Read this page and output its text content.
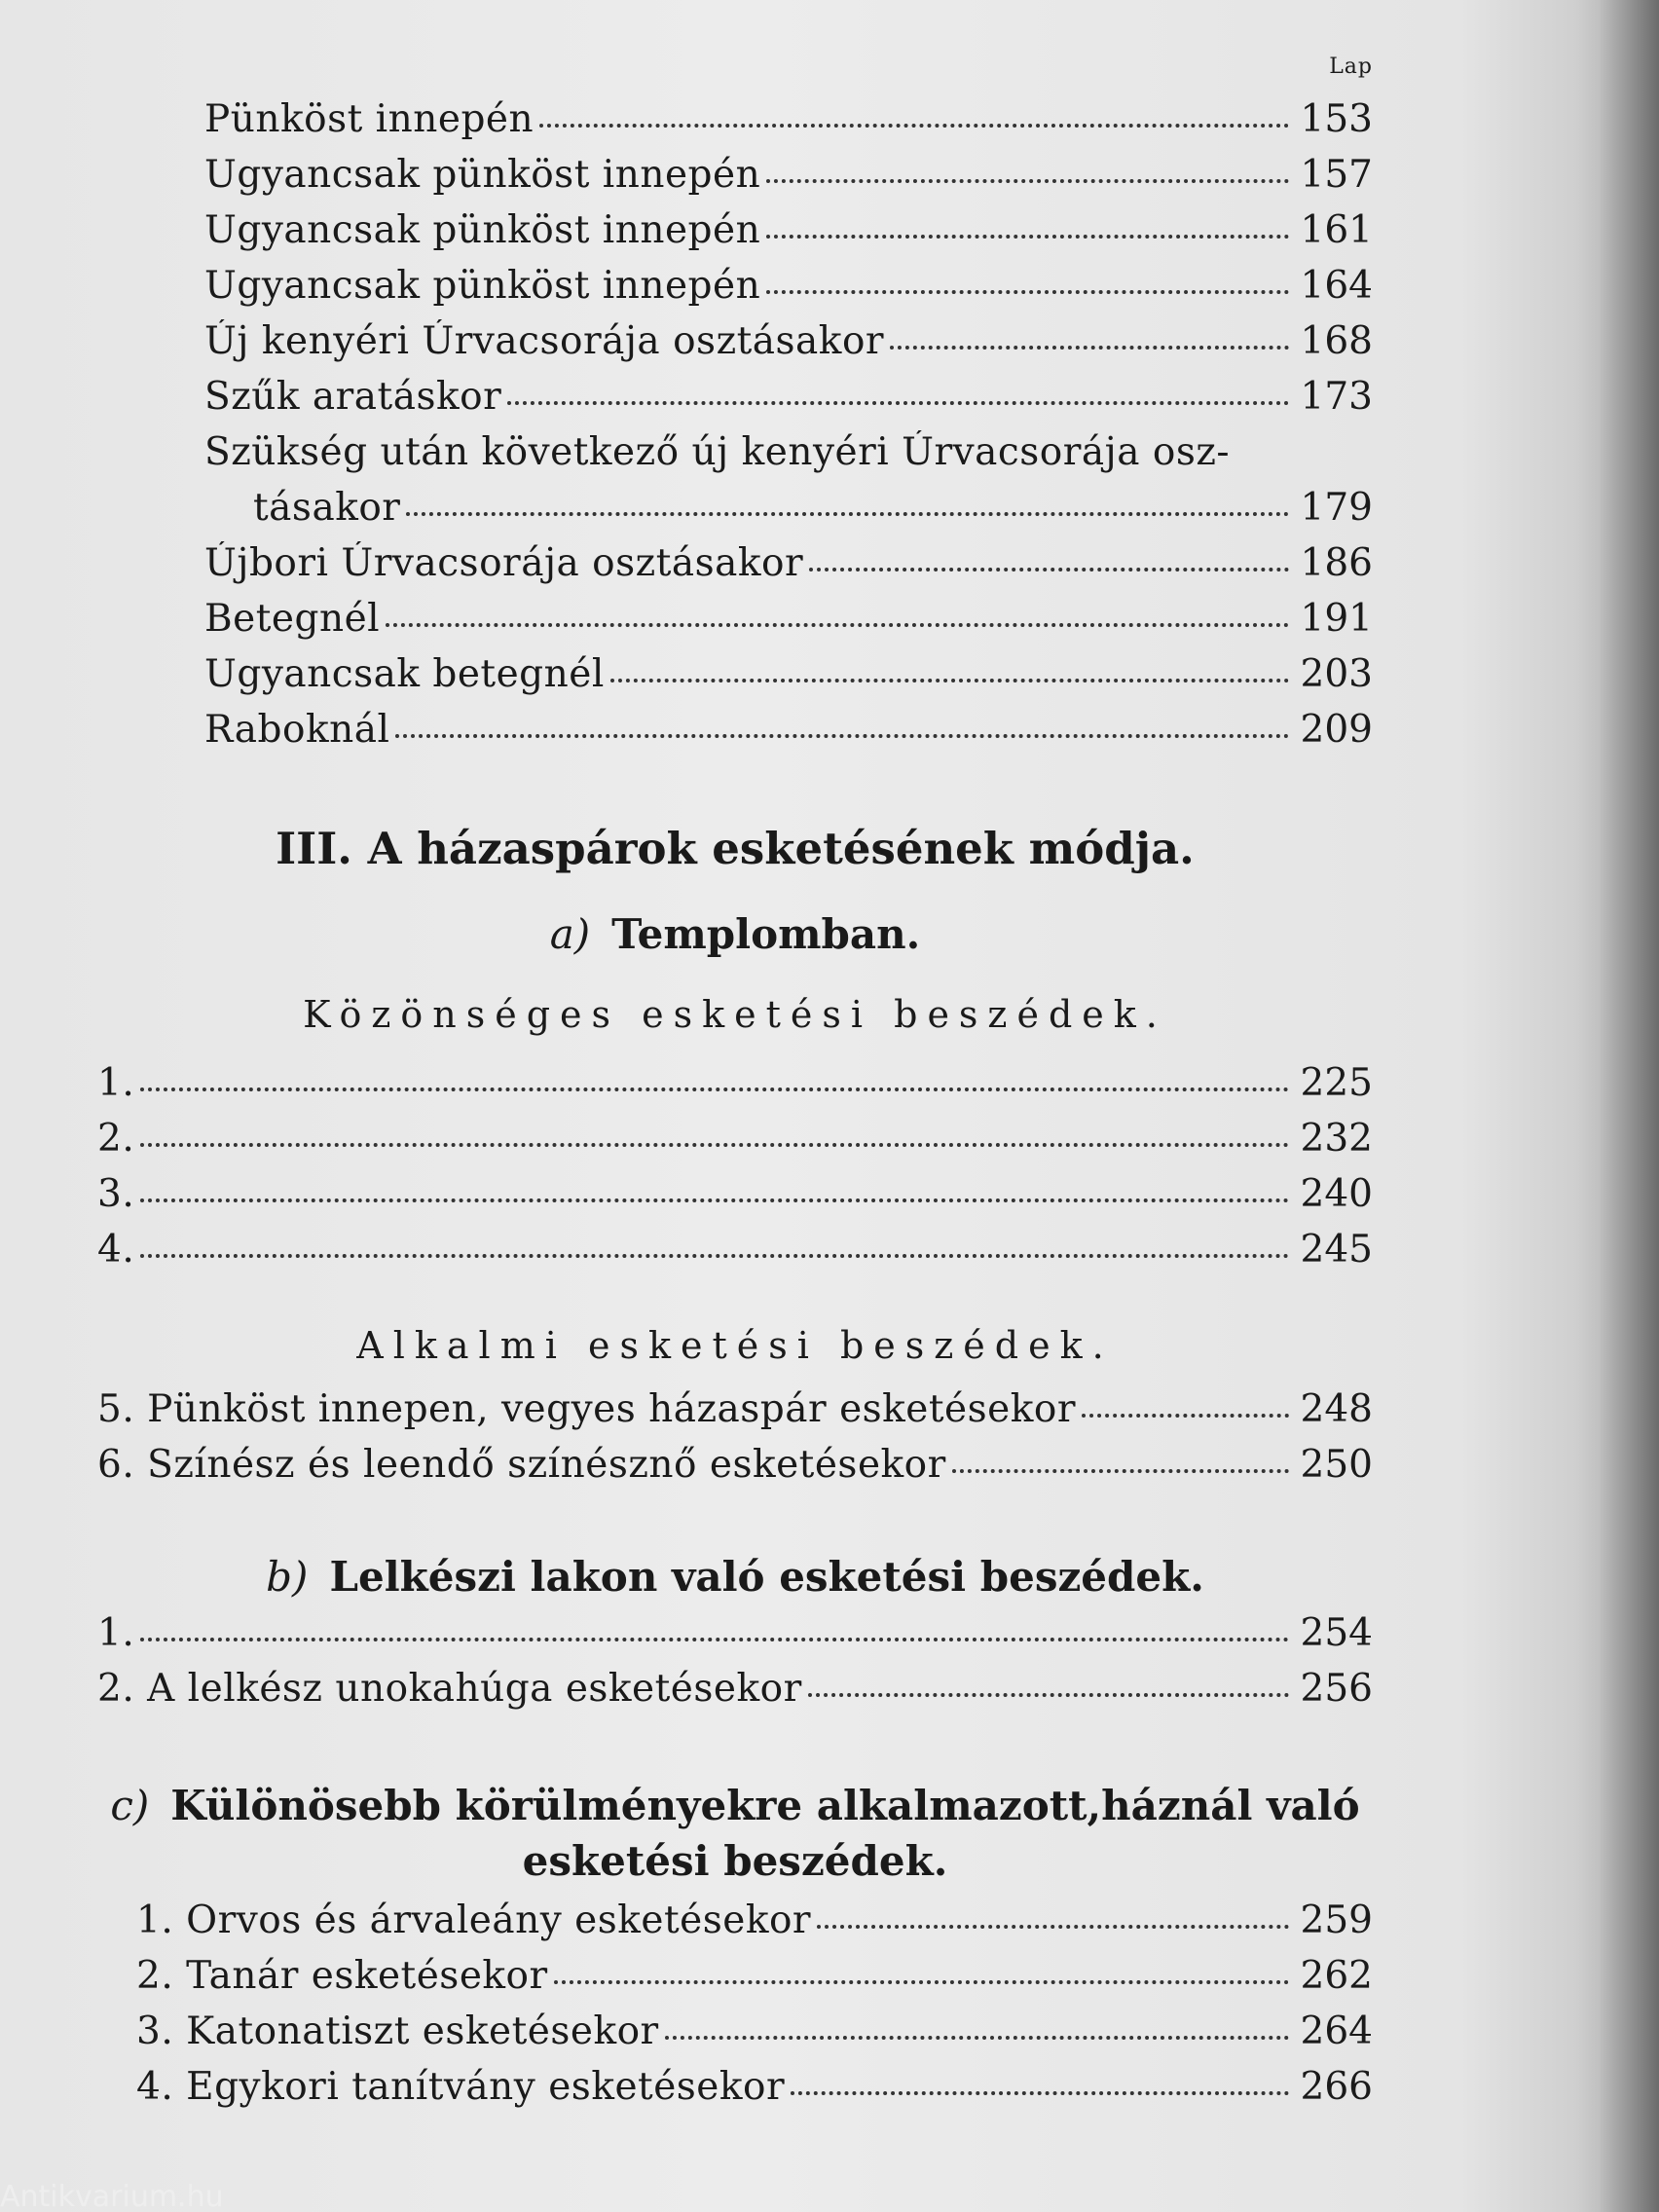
Lap
Pünköst innepén	153
Ugyancsak pünköst innepén	157
Ugyancsak pünköst innepén	161
Ugyancsak pünköst innepén	164
Új kenyéri Úrvacsorája osztásakor	168
Szűk aratáskor	173
Szükség után következő új kenyéri Úrvacsorája osz-
tásakor	179
Újbori Úrvacsorája osztásakor	186
Betegnél	191
Ugyancsak betegnél	203
Raboknál	209
III. A házaspárok esketésének módja.
a) Templomban.
Közönséges esketési beszédek.
1.	225
2.	232
3.	240
4.	245
Alkalmi esketési beszédek.
5. Pünköst innepen, vegyes házaspár esketésekor	248
6. Színész és leendő színésznő esketésekor	250
b) Lelkészi lakon való esketési beszédek.
1.	254
2. A lelkész unokahúga esketésekor	256
c) Különösebb körülményekre alkalmazott,háznál való
esketési beszédek.
1. Orvos és árvaleány esketésekor	259
2. Tanár esketésekor	262
3. Katonatiszt esketésekor	264
4. Egykori tanítvány esketésekor	266
Antikvarium.hu
